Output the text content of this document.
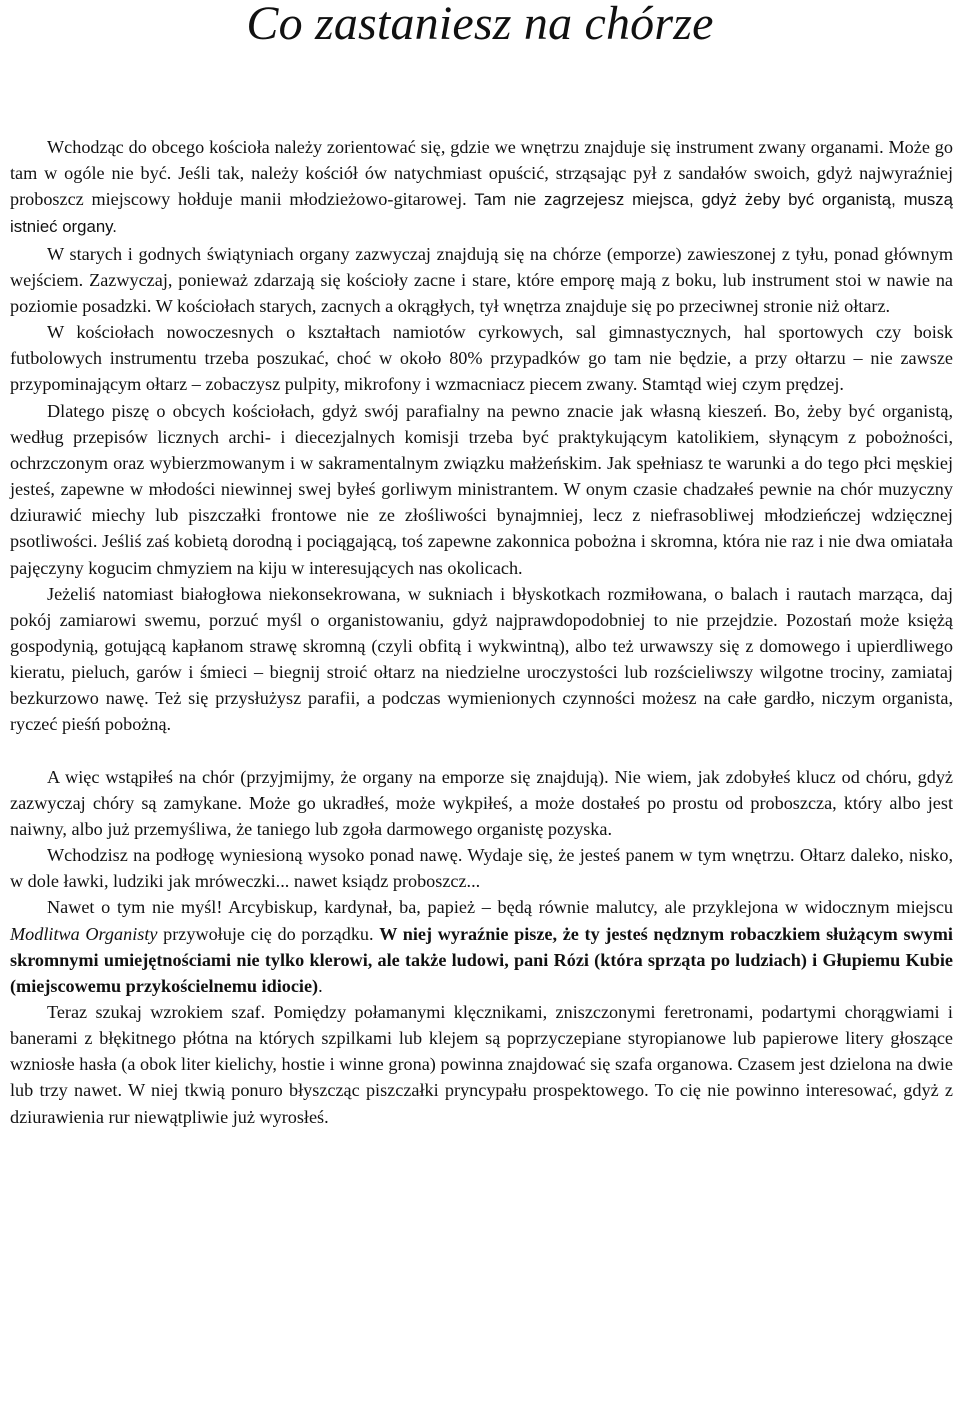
Co zastaniesz na chórze

Wchodząc do obcego kościoła należy zorientować się, gdzie we wnętrzu znajduje się instrument zwany organami. Może go tam w ogóle nie być. Jeśli tak, należy kościół ów natychmiast opuścić, strząsając pył z sandałów swoich, gdyż najwyraźniej proboszcz miejscowy hołduje manii młodzieżowo-gitarowej. Tam nie zagrzejesz miejsca, gdyż żeby być organistą, muszą istnieć organy.

W starych i godnych świątyniach organy zazwyczaj znajdują się na chórze (emporze) zawieszonej z tyłu, ponad głównym wejściem. Zazwyczaj, ponieważ zdarzają się kościoły zacne i stare, które emporę mają z boku, lub instrument stoi w nawie na poziomie posadzki. W kościołach starych, zacnych a okrągłych, tył wnętrza znajduje się po przeciwnej stronie niż ołtarz.

W kościołach nowoczesnych o kształtach namiotów cyrkowych, sal gimnastycznych, hal sportowych czy boisk futbolowych instrumentu trzeba poszukać, choć w około 80% przypadków go tam nie będzie, a przy ołtarzu – nie zawsze przypominającym ołtarz – zobaczysz pulpity, mikrofony i wzmacniacz piecem zwany. Stamtąd wiej czym prędzej.

Dlatego piszę o obcych kościołach, gdyż swój parafialny na pewno znacie jak własną kieszeń. Bo, żeby być organistą, według przepisów licznych archi- i diecezjalnych komisji trzeba być praktykującym katolikiem, słynącym z pobożności, ochrzczonym oraz wybierzmowanym i w sakramentalnym związku małżeńskim. Jak spełniasz te warunki a do tego płci męskiej jesteś, zapewne w młodości niewinnej swej byłeś gorliwym ministrantem. W onym czasie chadzałeś pewnie na chór muzyczny dziurawić miechy lub piszczałki frontowe nie ze złośliwości bynajmniej, lecz z niefrasobliwej młodzieńczej wdzięcznej psotliwości. Jeśliś zaś kobietą dorodną i pociągającą, toś zapewne zakonnica pobożna i skromna, która nie raz i nie dwa omiatała pajęczyny kogucim chmyziem na kiju w interesujących nas okolicach.

Jeżeliś natomiast białogłowa niekonsekrowana, w sukniach i błyskotkach rozmiłowana, o balach i rautach marząca, daj pokój zamiarowi swemu, porzuć myśl o organistowaniu, gdyż najprawdopodobniej to nie przejdzie. Pozostań może księżą gospodynią, gotującą kapłanom strawę skromną (czyli obfitą i wykwintną), albo też urwawszy się z domowego i upierdliwego kieratu, pieluch, garów i śmieci – biegnij stroić ołtarz na niedzielne uroczystości lub rozścieliwszy wilgotne trociny, zamiataj bezkurzowo nawę. Też się przysłużysz parafii, a podczas wymienionych czynności możesz na całe gardło, niczym organista, ryczeć pieśń pobożną.

A więc wstąpiłeś na chór (przyjmijmy, że organy na emporze się znajdują). Nie wiem, jak zdobyłeś klucz od chóru, gdyż zazwyczaj chóry są zamykane. Może go ukradłeś, może wykpiłeś, a może dostałeś po prostu od proboszcza, który albo jest naiwny, albo już przemyśliwa, że taniego lub zgoła darmowego organistę pozyska.

Wchodzisz na podłogę wyniesioną wysoko ponad nawę. Wydaje się, że jesteś panem w tym wnętrzu. Ołtarz daleko, nisko, w dole ławki, ludziki jak mróweczki... nawet ksiądz proboszcz...

Nawet o tym nie myśl! Arcybiskup, kardynał, ba, papież – będą równie malutcy, ale przyklejona w widocznym miejscu Modlitwa Organisty przywołuje cię do porządku. W niej wyraźnie pisze, że ty jesteś nędznym robaczkiem służącym swymi skromnymi umiejętnościami nie tylko klerowi, ale także ludowi, pani Rózi (która sprząta po ludziach) i Głupiemu Kubie (miejscowemu przykościelnemu idiocie).

Teraz szukaj wzrokiem szaf. Pomiędzy połamanymi klęcznikami, zniszczonymi feretronami, podartymi chorągwiami i banerami z błękitnego płótna na których szpilkami lub klejem są poprzyczepiane styropianowe lub papierowe litery głoszące wzniosłe hasła (a obok liter kielichy, hostie i winne grona) powinna znajdować się szafa organowa. Czasem jest dzielona na dwie lub trzy nawet. W niej tkwią ponuro błyszcząc piszczałki pryncypału prospektowego. To cię nie powinno interesować, gdyż z dziurawienia rur niewątpliwie już wyrosłeś.
